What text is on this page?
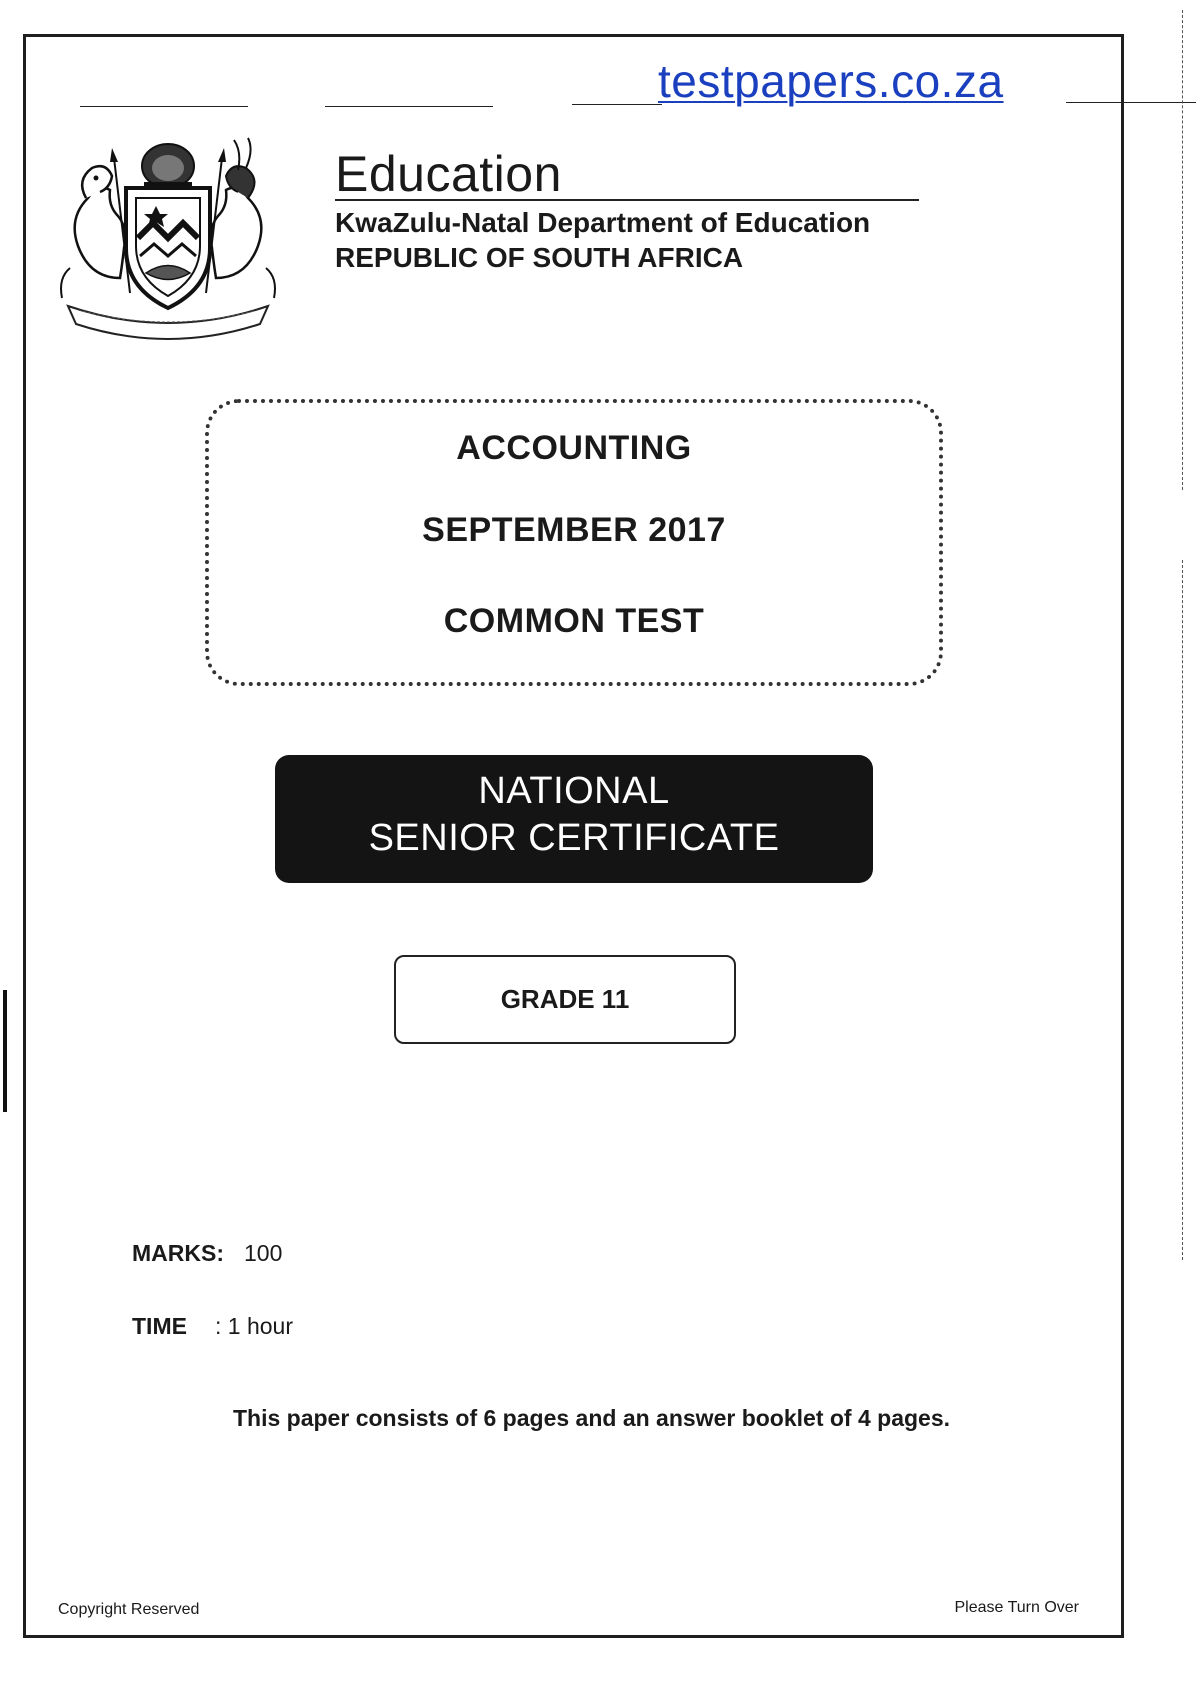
testpapers.co.za
Education
KwaZulu-Natal Department of Education
REPUBLIC OF SOUTH AFRICA
ACCOUNTING
SEPTEMBER 2017
COMMON TEST
NATIONAL
SENIOR CERTIFICATE
GRADE 11
MARKS: 100
TIME : 1 hour
This paper consists of 6 pages and an answer booklet of 4 pages.
Copyright Reserved	Please Turn Over
